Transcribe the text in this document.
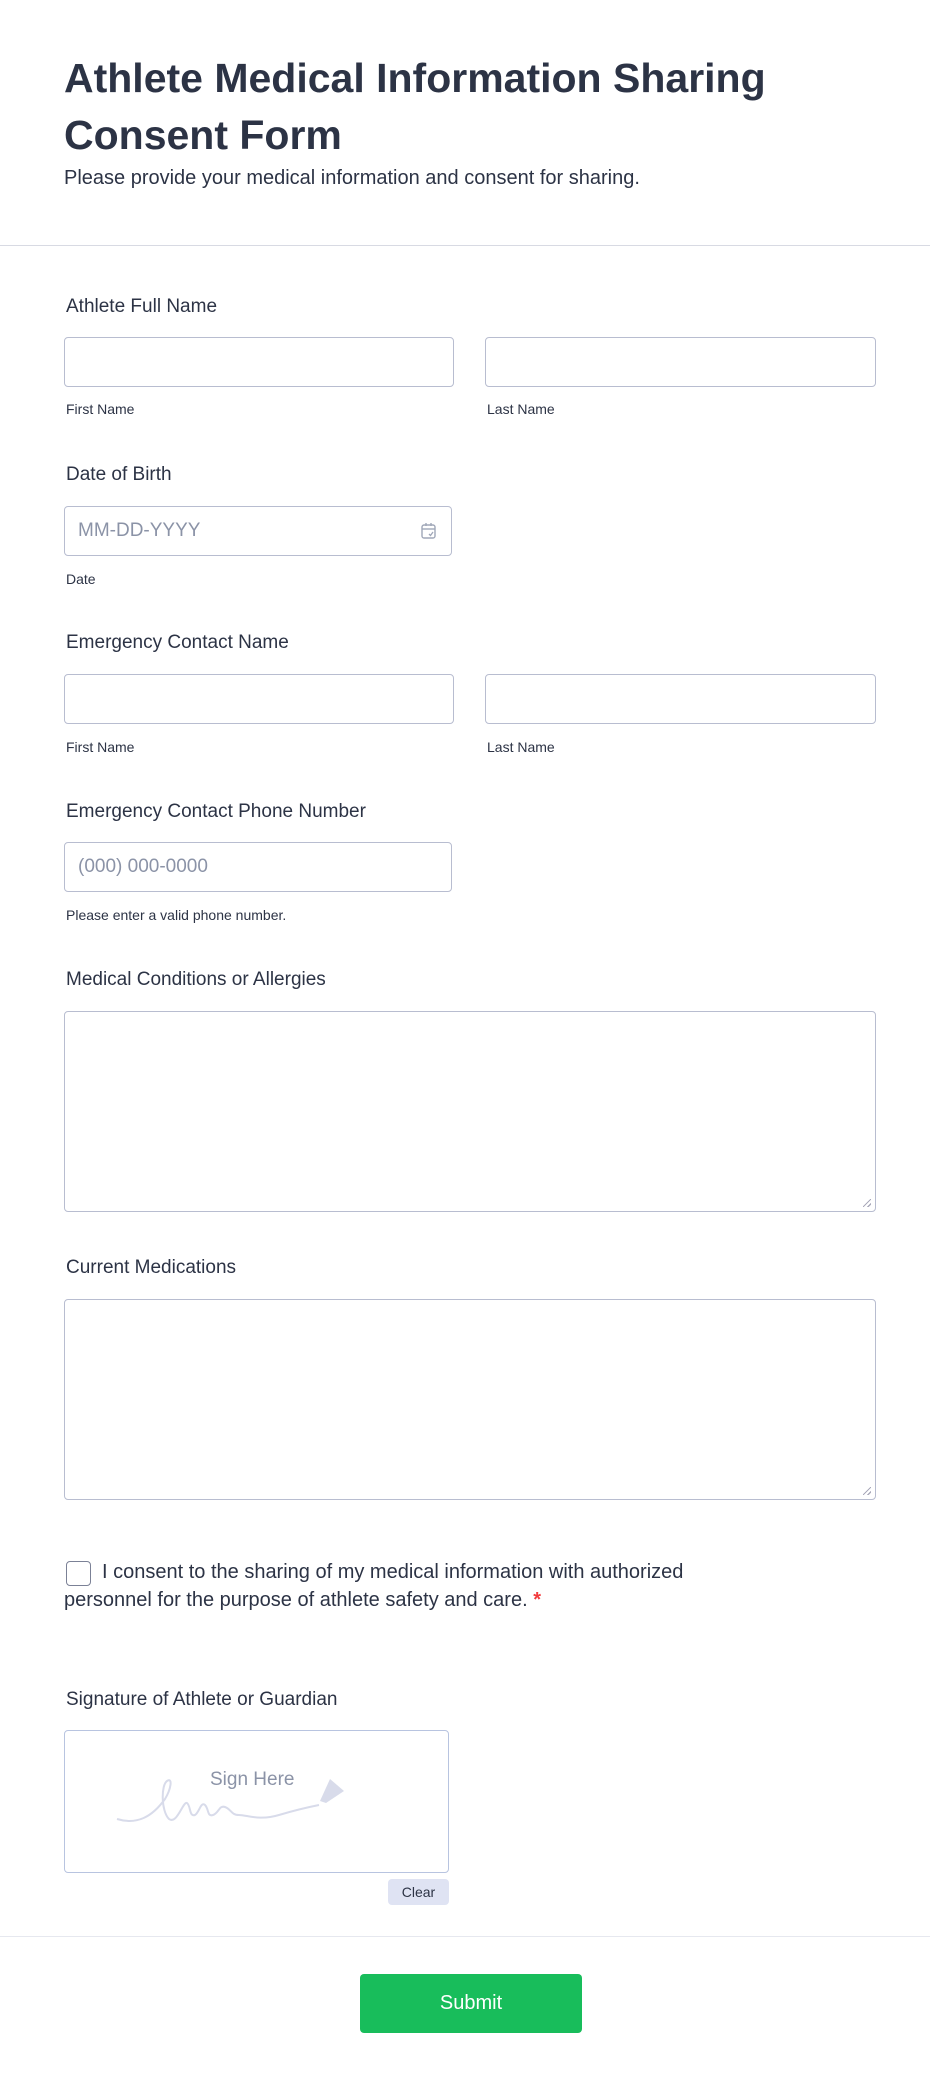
Athlete Medical Information Sharing Consent Form
Please provide your medical information and consent for sharing.
Athlete Full Name
First Name	Last Name
Date of Birth
MM-DD-YYYY
Date
Emergency Contact Name
First Name	Last Name
Emergency Contact Phone Number
(000) 000-0000
Please enter a valid phone number.
Medical Conditions or Allergies
Current Medications
I consent to the sharing of my medical information with authorized personnel for the purpose of athlete safety and care. *
Signature of Athlete or Guardian
Sign Here
Clear
Submit
